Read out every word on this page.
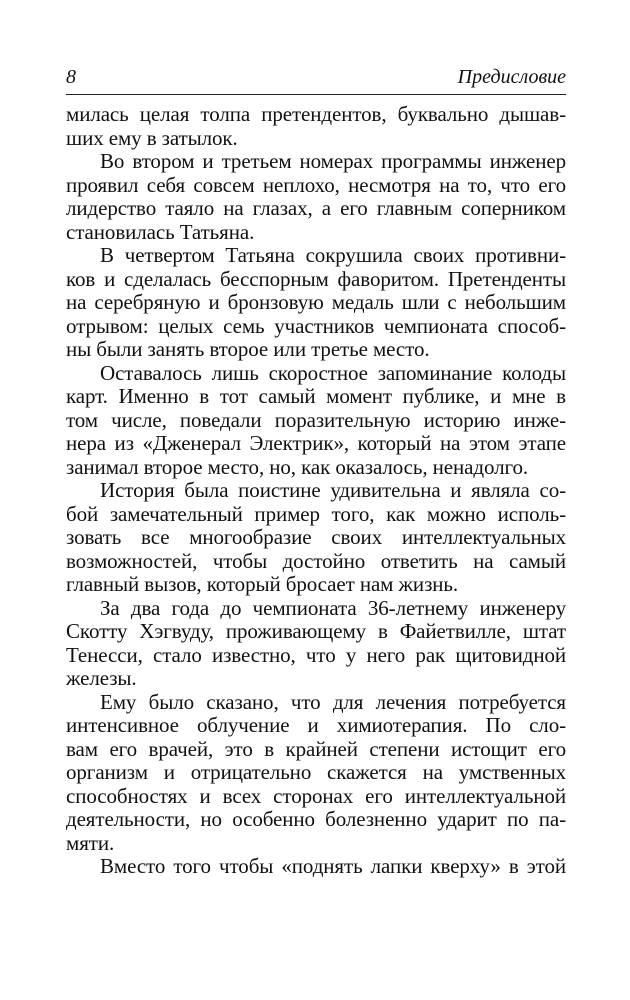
8	Предисловие
милась целая толпа претендентов, буквально дышав-
ших ему в затылок.
Во втором и третьем номерах программы инженер
проявил себя совсем неплохо, несмотря на то, что его
лидерство таяло на глазах, а его главным соперником
становилась Татьяна.
В четвертом Татьяна сокрушила своих противни-
ков и сделалась бесспорным фаворитом. Претенденты
на серебряную и бронзовую медаль шли с небольшим
отрывом: целых семь участников чемпионата способ-
ны были занять второе или третье место.
Оставалось лишь скоростное запоминание колоды
карт. Именно в тот самый момент публике, и мне в
том числе, поведали поразительную историю инже-
нера из «Дженерал Электрик», который на этом этапе
занимал второе место, но, как оказалось, ненадолго.
История была поистине удивительна и являла со-
бой замечательный пример того, как можно исполь-
зовать все многообразие своих интеллектуальных
возможностей, чтобы достойно ответить на самый
главный вызов, который бросает нам жизнь.
За два года до чемпионата 36-летнему инженеру
Скотту Хэгвуду, проживающему в Файетвилле, штат
Тенесси, стало известно, что у него рак щитовидной
железы.
Ему было сказано, что для лечения потребуется
интенсивное облучение и химиотерапия. По сло-
вам его врачей, это в крайней степени истощит его
организм и отрицательно скажется на умственных
способностях и всех сторонах его интеллектуальной
деятельности, но особенно болезненно ударит по па-
мяти.
Вместо того чтобы «поднять лапки кверху» в этой
